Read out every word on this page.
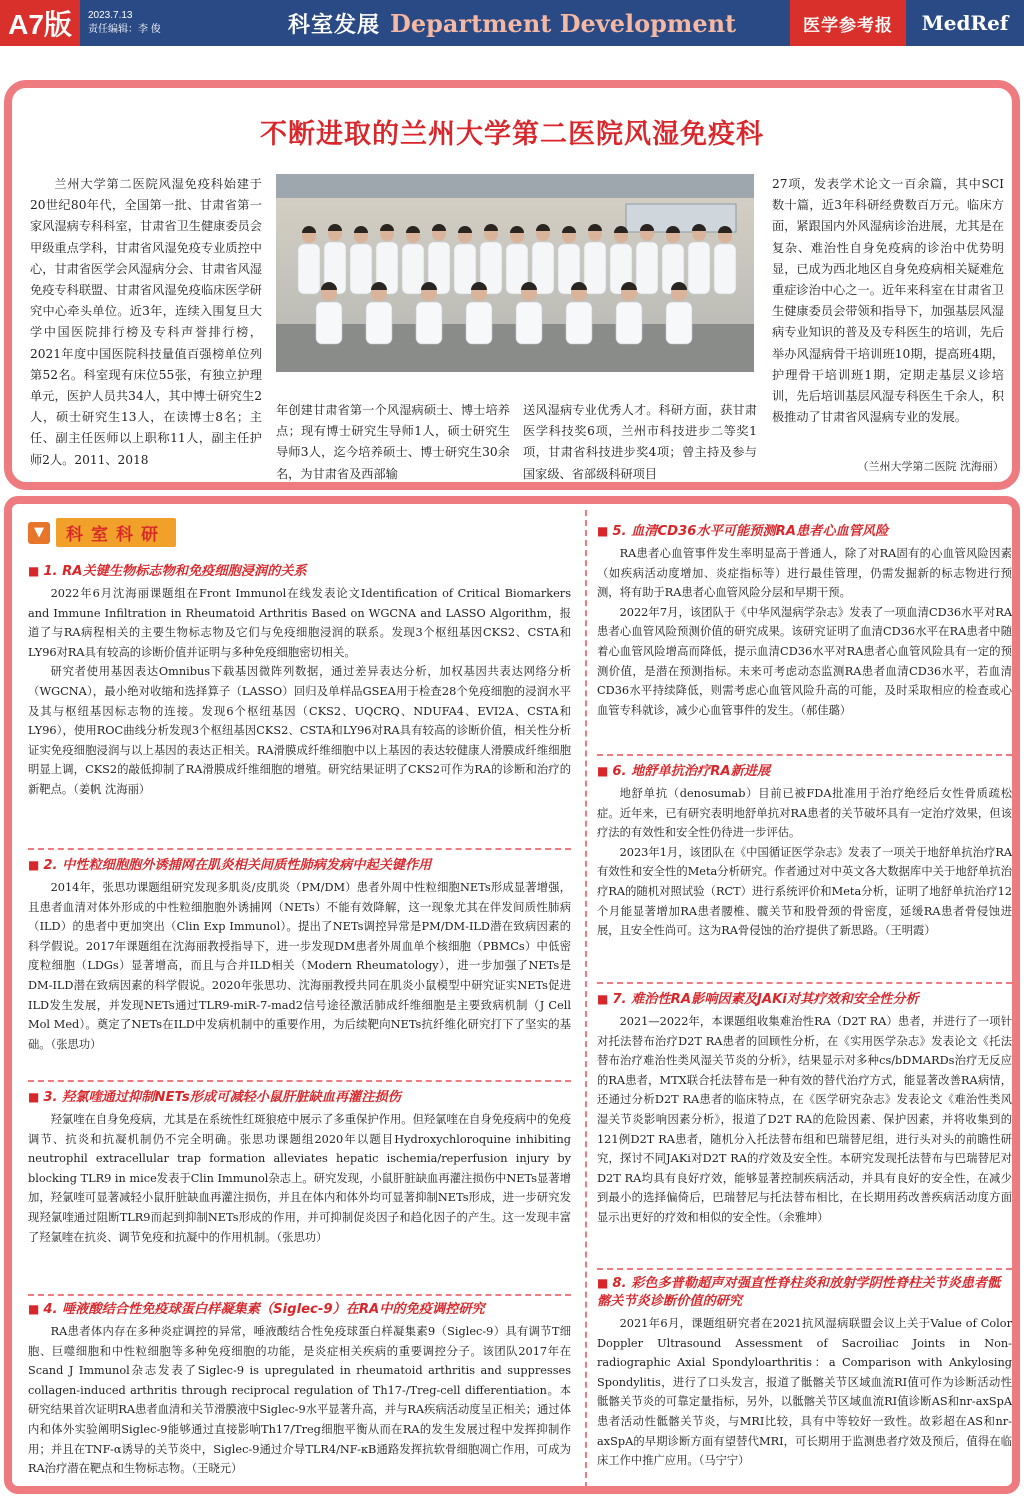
A7版	2023.7.13
责任编辑：李 俊	科室发展 Department Development	医学参考报	MedRef
不断进取的兰州大学第二医院风湿免疫科
兰州大学第二医院风湿免疫科始建于20世纪80年代，全国第一批、甘肃省第一家风湿病专科科室，甘肃省卫生健康委员会甲级重点学科，甘肃省风湿免疫专业质控中心，甘肃省医学会风湿病分会、甘肃省风湿免疫专科联盟、甘肃省风湿免疫临床医学研究中心牵头单位。近3年，连续入围复旦大学中国医院排行榜及专科声誉排行榜，2021年度中国医院科技量值百强榜单位列第52名。科室现有床位55张，有独立护理单元，医护人员共34人，其中博士研究生2人，硕士研究生13人，在读博士8名；主任、副主任医师以上职称11人，副主任护师2人。2011、2018
年创建甘肃省第一个风湿病硕士、博士培养点；现有博士研究生导师1人，硕士研究生导师3人，迄今培养硕士、博士研究生30余名，为甘肃省及西部输
送风湿病专业优秀人才。科研方面，获甘肃医学科技奖6项，兰州市科技进步二等奖1项，甘肃省科技进步奖4项；曾主持及参与国家级、省部级科研项目
27项，发表学术论文一百余篇，其中SCI数十篇，近3年科研经费数百万元。临床方面，紧跟国内外风湿病诊治进展，尤其是在复杂、难治性自身免疫病的诊治中优势明显，已成为西北地区自身免疫病相关疑难危重症诊治中心之一。近年来科室在甘肃省卫生健康委员会带领和指导下，加强基层风湿病专业知识的普及及专科医生的培训，先后举办风湿病骨干培训班10期，提高班4期，护理骨干培训班1期，定期走基层义诊培训，先后培训基层风湿专科医生千余人，积极推动了甘肃省风湿病专业的发展。
（兰州大学第二医院 沈海丽）
▼	科室科研
■ 1. RA关键生物标志物和免疫细胞浸润的关系
2022年6月沈海丽课题组在Front Immunol在线发表论文Identification of Critical Biomarkers and Immune Infiltration in Rheumatoid Arthritis Based on WGCNA and LASSO Algorithm，报道了与RA病程相关的主要生物标志物及它们与免疫细胞浸润的联系。发现3个枢纽基因CKS2、CSTA和LY96对RA具有较高的诊断价值并证明与多种免疫细胞密切相关。
研究者使用基因表达Omnibus下载基因微阵列数据，通过差异表达分析，加权基因共表达网络分析（WGCNA），最小绝对收缩和选择算子（LASSO）回归及单样品GSEA用于检查28个免疫细胞的浸润水平及其与枢纽基因标志物的连接。发现6个枢纽基因（CKS2、UQCRQ、NDUFA4、EVI2A、CSTA和LY96），使用ROC曲线分析发现3个枢纽基因CKS2、CSTA和LY96对RA具有较高的诊断价值，相关性分析证实免疫细胞浸润与以上基因的表达正相关。RA滑膜成纤维细胞中以上基因的表达较健康人滑膜成纤维细胞明显上调，CKS2的敲低抑制了RA滑膜成纤维细胞的增殖。研究结果证明了CKS2可作为RA的诊断和治疗的新靶点。（姜帆 沈海丽）
■ 2. 中性粒细胞胞外诱捕网在肌炎相关间质性肺病发病中起关键作用
2014年，张思功课题组研究发现多肌炎/皮肌炎（PM/DM）患者外周中性粒细胞NETs形成显著增强，且患者血清对体外形成的中性粒细胞胞外诱捕网（NETs）不能有效降解，这一现象尤其在伴发间质性肺病（ILD）的患者中更加突出（Clin Exp Immunol）。提出了NETs调控异常是PM/DM-ILD潜在致病因素的科学假说。2017年课题组在沈海丽教授指导下，进一步发现DM患者外周血单个核细胞（PBMCs）中低密度粒细胞（LDGs）显著增高，而且与合并ILD相关（Modern Rheumatology），进一步加强了NETs是DM-ILD潜在致病因素的科学假说。2020年张思功、沈海丽教授共同在肌炎小鼠模型中研究证实NETs促进ILD发生发展，并发现NETs通过TLR9-miR-7-mad2信号途径激活肺成纤维细胞是主要致病机制（J Cell Mol Med）。奠定了NETs在ILD中发病机制中的重要作用，为后续靶向NETs抗纤维化研究打下了坚实的基础。（张思功）
■ 3. 羟氯喹通过抑制NETs形成可减轻小鼠肝脏缺血再灌注损伤
羟氯喹在自身免疫病，尤其是在系统性红斑狼疮中展示了多重保护作用。但羟氯喹在自身免疫病中的免疫调节、抗炎和抗凝机制仍不完全明确。张思功课题组2020年以题目Hydroxychloroquine inhibiting neutrophil extracellular trap formation alleviates hepatic ischemia/reperfusion injury by blocking TLR9 in mice发表于Clin Immunol杂志上。研究发现，小鼠肝脏缺血再灌注损伤中NETs显著增加，羟氯喹可显著减轻小鼠肝脏缺血再灌注损伤，并且在体内和体外均可显著抑制NETs形成，进一步研究发现羟氯喹通过阻断TLR9而起到抑制NETs形成的作用，并可抑制促炎因子和趋化因子的产生。这一发现丰富了羟氯喹在抗炎、调节免疫和抗凝中的作用机制。（张思功）
■ 4. 唾液酸结合性免疫球蛋白样凝集素（Siglec-9）在RA中的免疫调控研究
RA患者体内存在多种炎症调控的异常，唾液酸结合性免疫球蛋白样凝集素9（Siglec-9）具有调节T细胞、巨噬细胞和中性粒细胞等多种免疫细胞的功能，是炎症相关疾病的重要调控分子。该团队2017年在Scand J Immunol杂志发表了Siglec-9 is upregulated in rheumatoid arthritis and suppresses collagen-induced arthritis through reciprocal regulation of Th17-/Treg-cell differentiation。本研究结果首次证明RA患者血清和关节滑膜液中Siglec-9水平显著升高，并与RA疾病活动度呈正相关；通过体内和体外实验阐明Siglec-9能够通过直接影响Th17/Treg细胞平衡从而在RA的发生发展过程中发挥抑制作用；并且在TNF-α诱导的关节炎中，Siglec-9通过介导TLR4/NF-κB通路发挥抗软骨细胞凋亡作用，可成为RA治疗潜在靶点和生物标志物。（王晓元）
■ 5. 血清CD36水平可能预测RA患者心血管风险
RA患者心血管事件发生率明显高于普通人，除了对RA固有的心血管风险因素（如疾病活动度增加、炎症指标等）进行最佳管理，仍需发掘新的标志物进行预测，将有助于RA患者心血管风险分层和早期干预。
2022年7月，该团队于《中华风湿病学杂志》发表了一项血清CD36水平对RA患者心血管风险预测价值的研究成果。该研究证明了血清CD36水平在RA患者中随着心血管风险增高而降低，提示血清CD36水平对RA患者心血管风险具有一定的预测价值，是潜在预测指标。未来可考虑动态监测RA患者血清CD36水平，若血清CD36水平持续降低，则需考虑心血管风险升高的可能，及时采取相应的检查或心血管专科就诊，减少心血管事件的发生。（郝佳璐）
■ 6. 地舒单抗治疗RA新进展
地舒单抗（denosumab）目前已被FDA批准用于治疗绝经后女性骨质疏松症。近年来，已有研究表明地舒单抗对RA患者的关节破坏具有一定治疗效果，但该疗法的有效性和安全性仍待进一步评估。
2023年1月，该团队在《中国循证医学杂志》发表了一项关于地舒单抗治疗RA有效性和安全性的Meta分析研究。作者通过对中英文各大数据库中关于地舒单抗治疗RA的随机对照试验（RCT）进行系统评价和Meta分析，证明了地舒单抗治疗12个月能显著增加RA患者腰椎、髋关节和股骨颈的骨密度，延缓RA患者骨侵蚀进展，且安全性尚可。这为RA骨侵蚀的治疗提供了新思路。（王明霞）
■ 7. 难治性RA影响因素及JAKi对其疗效和安全性分析
2021—2022年，本课题组收集难治性RA（D2T RA）患者，并进行了一项针对托法替布治疗D2T RA患者的回顾性分析，在《实用医学杂志》发表论文《托法替布治疗难治性类风湿关节炎的分析》，结果显示对多种cs/bDMARDs治疗无反应的RA患者，MTX联合托法替布是一种有效的替代治疗方式，能显著改善RA病情，还通过分析D2T RA患者的临床特点，在《医学研究杂志》发表论文《难治性类风湿关节炎影响因素分析》，报道了D2T RA的危险因素、保护因素，并将收集到的121例D2T RA患者，随机分入托法替布组和巴瑞替尼组，进行头对头的前瞻性研究，探讨不同JAKi对D2T RA的疗效及安全性。本研究发现托法替布与巴瑞替尼对D2T RA均具有良好疗效，能够显著控制疾病活动，并具有良好的安全性，在减少到最小的选择偏倚后，巴瑞替尼与托法替布相比，在长期用药改善疾病活动度方面显示出更好的疗效和相似的安全性。（余雅坤）
■ 8. 彩色多普勒超声对强直性脊柱炎和放射学阴性脊柱关节炎患者骶髂关节炎诊断价值的研究
2021年6月，课题组研究者在2021抗风湿病联盟会议上关于Value of Color Doppler Ultrasound Assessment of Sacroiliac Joints in Non-radiographic Axial Spondyloarthritis：a Comparison with Ankylosing Spondylitis，进行了口头发言，报道了骶髂关节区域血流RI值可作为诊断活动性骶髂关节炎的可靠定量指标，另外，以骶髂关节区域血流RI值诊断AS和nr-axSpA患者活动性骶髂关节炎，与MRI比较，具有中等较好一致性。故彩超在AS和nr-axSpA的早期诊断方面有望替代MRI，可长期用于监测患者疗效及预后，值得在临床工作中推广应用。（马宁宁）
